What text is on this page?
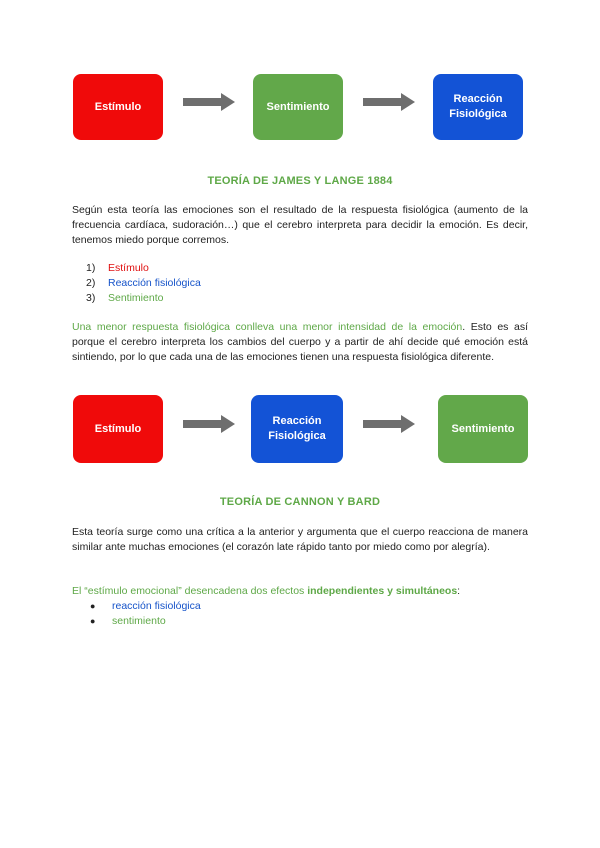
Estímulo	Sentimiento
Reacción
Fisiológica
TEORÍA DE JAMES Y LANGE 1884

Según esta teoría las emociones son el resultado de la respuesta fisiológica (aumento de la frecuencia cardíaca, sudoración…) que el cerebro interpreta para decidir la emoción. Es decir, tenemos miedo porque corremos.

1) Estímulo
2) Reacción fisiológica
3) Sentimiento

Una menor respuesta fisiológica conlleva una menor intensidad de la emoción. Esto es así porque el cerebro interpreta los cambios del cuerpo y a partir de ahí decide qué emoción está sintiendo, por lo que cada una de las emociones tienen una respuesta fisiológica diferente.

Estímulo
Reacción
Fisiológica
Sentimiento
TEORÍA DE CANNON Y BARD

Esta teoría surge como una crítica a la anterior y argumenta que el cuerpo reacciona de manera similar ante muchas emociones (el corazón late rápido tanto por miedo como por alegría).

El “estímulo emocional” desencadena dos efectos independientes y simultáneos:

● reacción fisiológica
● sentimiento
